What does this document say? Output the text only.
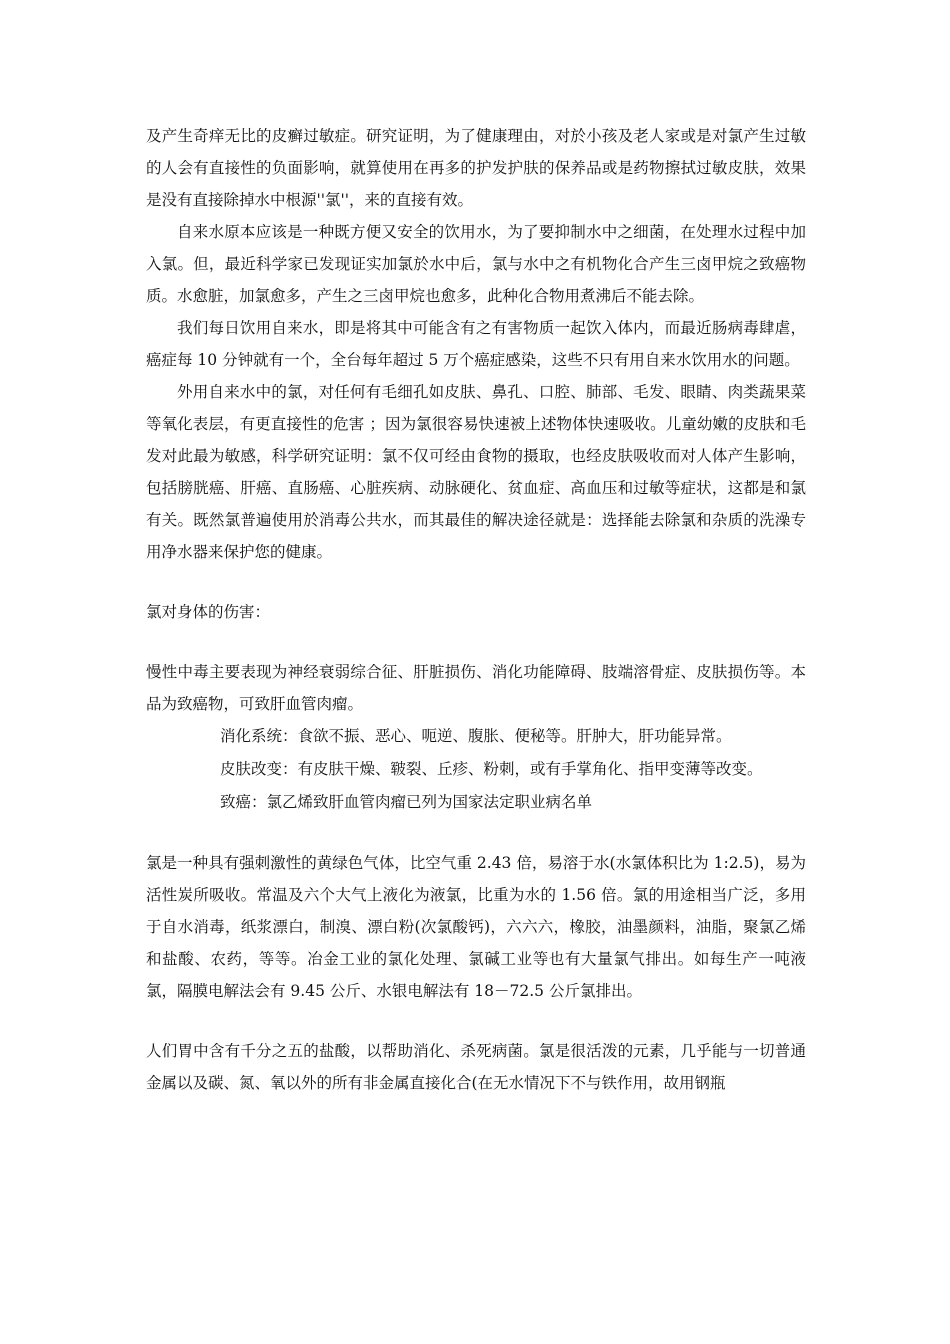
及产生奇痒无比的皮癣过敏症。研究证明，为了健康理由，对於小孩及老人家或是对氯产生过敏的人会有直接性的负面影响，就算使用在再多的护发护肤的保养品或是药物擦拭过敏皮肤，效果是没有直接除掉水中根源''氯''，来的直接有效。

自来水原本应该是一种既方便又安全的饮用水，为了要抑制水中之细菌，在处理水过程中加入氯。但，最近科学家已发现证实加氯於水中后，氯与水中之有机物化合产生三卤甲烷之致癌物质。水愈脏，加氯愈多，产生之三卤甲烷也愈多，此种化合物用煮沸后不能去除。

我们每日饮用自来水，即是将其中可能含有之有害物质一起饮入体内，而最近肠病毒肆虐，癌症每 10 分钟就有一个，全台每年超过 5 万个癌症感染，这些不只有用自来水饮用水的问题。

外用自来水中的氯，对任何有毛细孔如皮肤、鼻孔、口腔、肺部、毛发、眼睛、肉类蔬果菜等氧化表层，有更直接性的危害 ；因为氯很容易快速被上述物体快速吸收。儿童幼嫩的皮肤和毛发对此最为敏感，科学研究证明：氯不仅可经由食物的摄取，也经皮肤吸收而对人体产生影响，包括膀胱癌、肝癌、直肠癌、心脏疾病、动脉硬化、贫血症、高血压和过敏等症状，这都是和氯有关。既然氯普遍使用於消毒公共水，而其最佳的解决途径就是：选择能去除氯和杂质的洗澡专用净水器来保护您的健康。

氯对身体的伤害：

慢性中毒主要表现为神经衰弱综合征、肝脏损伤、消化功能障碍、肢端溶骨症、皮肤损伤等。本品为致癌物，可致肝血管肉瘤。

消化系统：食欲不振、恶心、呃逆、腹胀、便秘等。肝肿大，肝功能异常。

皮肤改变：有皮肤干燥、皲裂、丘疹、粉刺，或有手掌角化、指甲变薄等改变。

致癌：氯乙烯致肝血管肉瘤已列为国家法定职业病名单

氯是一种具有强刺激性的黄绿色气体，比空气重 2.43 倍，易溶于水(水氯体积比为 1:2.5)，易为活性炭所吸收。常温及六个大气上液化为液氯，比重为水的 1.56 倍。氯的用途相当广泛，多用于自水消毒，纸浆漂白，制溴、漂白粉(次氯酸钙)，六六六，橡胶，油墨颜料，油脂，聚氯乙烯和盐酸、农药，等等。冶金工业的氯化处理、氯碱工业等也有大量氯气排出。如每生产一吨液氯，隔膜电解法会有 9.45 公斤、水银电解法有 18－72.5 公斤氯排出。

人们胃中含有千分之五的盐酸，以帮助消化、杀死病菌。氯是很活泼的元素，几乎能与一切普通金属以及碳、氮、氧以外的所有非金属直接化合(在无水情况下不与铁作用，故用钢瓶
